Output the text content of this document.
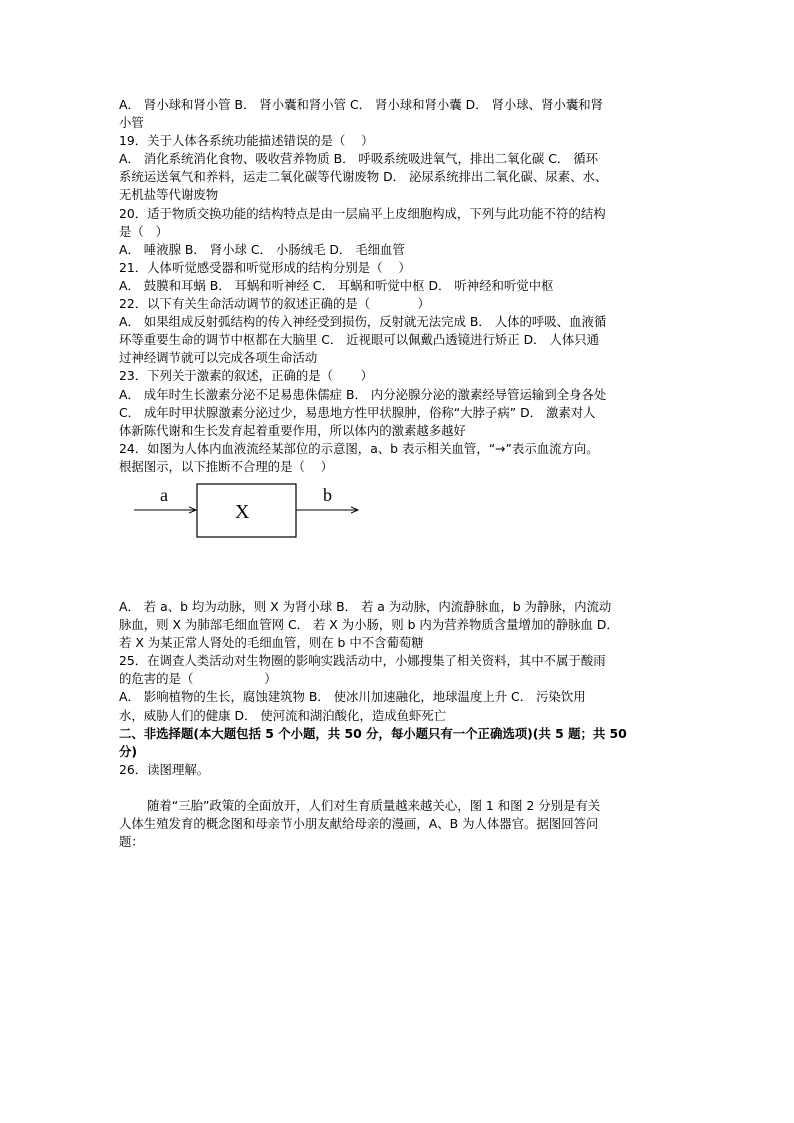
A． 肾小球和肾小管 B． 肾小囊和肾小管 C． 肾小球和肾小囊 D． 肾小球、肾小囊和肾

小管

19．关于人体各系统功能描述错误的是（    ）

A． 消化系统消化食物、吸收营养物质 B． 呼吸系统吸进氧气，排出二氧化碳 C． 循环

系统运送氧气和养料，运走二氧化碳等代谢废物 D． 泌尿系统排出二氧化碳、尿素、水、

无机盐等代谢废物

20．适于物质交换功能的结构特点是由一层扁平上皮细胞构成，下列与此功能不符的结构

是（   ）

A． 唾液腺 B． 肾小球 C． 小肠绒毛 D． 毛细血管

21．人体听觉感受器和听觉形成的结构分别是（    ）

A． 鼓膜和耳蜗 B． 耳蜗和听神经 C． 耳蜗和听觉中枢 D． 听神经和听觉中枢

22．以下有关生命活动调节的叙述正确的是（            ）

A． 如果组成反射弧结构的传入神经受到损伤，反射就无法完成 B． 人体的呼吸、血液循

环等重要生命的调节中枢都在大脑里 C． 近视眼可以佩戴凸透镜进行矫正 D． 人体只通

过神经调节就可以完成各项生命活动

23．下列关于激素的叙述，正确的是（       ）

A． 成年时生长激素分泌不足易患侏儒症 B． 内分泌腺分泌的激素经导管运输到全身各处

C． 成年时甲状腺激素分泌过少，易患地方性甲状腺肿，俗称“大脖子病” D． 激素对人

体新陈代谢和生长发育起着重要作用，所以体内的激素越多越好

24．如图为人体内血液流经某部位的示意图，a、b 表示相关血管，“→”表示血流方向。

根据图示，以下推断不合理的是（    ）

a
X
b

A． 若 a、b 均为动脉，则 X 为肾小球 B． 若 a 为动脉，内流静脉血，b 为静脉，内流动

脉血，则 X 为肺部毛细血管网 C． 若 X 为小肠，则 b 内为营养物质含量增加的静脉血 D．

若 X 为某正常人肾处的毛细血管，则在 b 中不含葡萄糖

25．在调查人类活动对生物圈的影响实践活动中，小娜搜集了相关资料，其中不属于酸雨

的危害的是（                  ）

A． 影响植物的生长，腐蚀建筑物 B． 使冰川加速融化，地球温度上升 C． 污染饮用

水，威胁人们的健康 D． 使河流和湖泊酸化，造成鱼虾死亡

二、非选择题(本大题包括 5 个小题，共 50 分，每小题只有一个正确选项)(共 5 题；共 50

分)

26．读图理解。

随着“三胎”政策的全面放开，人们对生育质量越来越关心，图 1 和图 2 分别是有关

人体生殖发育的概念图和母亲节小朋友献给母亲的漫画，A、B 为人体器官。据图回答问

题：
